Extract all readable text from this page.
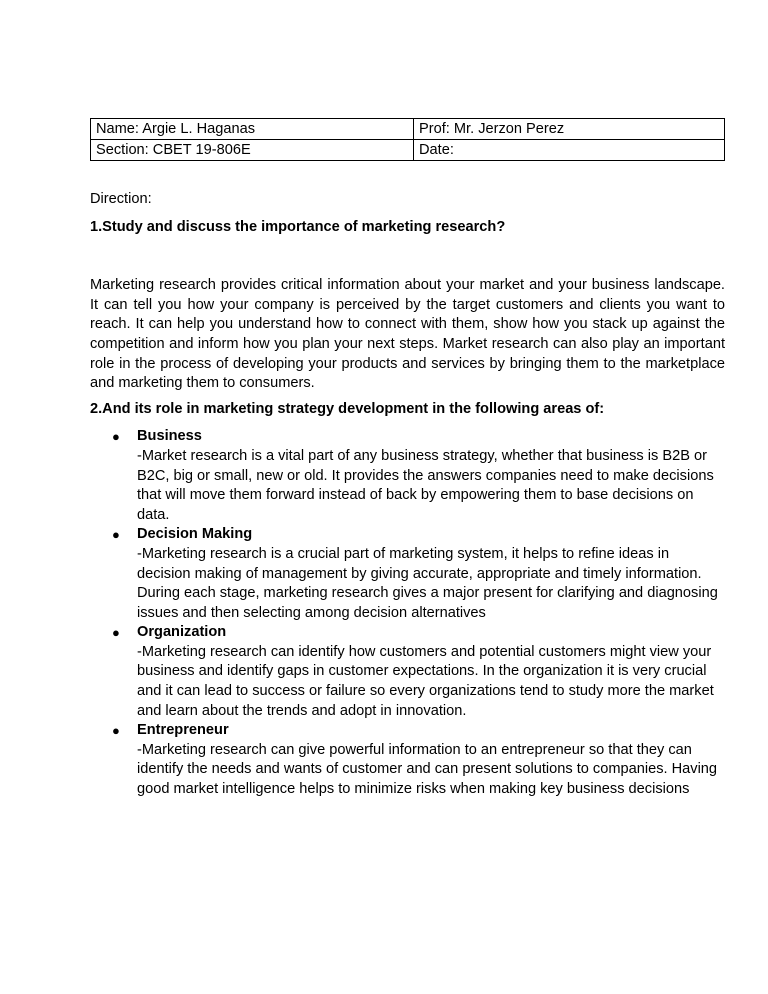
Name: Argie L. Haganas	Prof: Mr. Jerzon Perez
Section: CBET 19-806E	Date:
Direction:
1.Study and discuss the importance of marketing research?
Marketing research provides critical information about your market and your business landscape. It can tell you how your company is perceived by the target customers and clients you want to reach. It can help you understand how to connect with them, show how you stack up against the competition and inform how you plan your next steps. Market research can also play an important role in the process of developing your products and services by bringing them to the marketplace and marketing them to consumers.
2.And its role in marketing strategy development in the following areas of:
● Business
-Market research is a vital part of any business strategy, whether that business is B2B or B2C, big or small, new or old. It provides the answers companies need to make decisions that will move them forward instead of back by empowering them to base decisions on data.
● Decision Making
-Marketing research is a crucial part of marketing system, it helps to refine ideas in decision making of management by giving accurate, appropriate and timely information. During each stage, marketing research gives a major present for clarifying and diagnosing issues and then selecting among decision alternatives
● Organization
-Marketing research can identify how customers and potential customers might view your business and identify gaps in customer expectations. In the organization it is very crucial and it can lead to success or failure so every organizations tend to study more the market and learn about the trends and adopt in innovation.
● Entrepreneur
-Marketing research can give powerful information to an entrepreneur so that they can identify the needs and wants of customer and can present solutions to companies. Having good market intelligence helps to minimize risks when making key business decisions
